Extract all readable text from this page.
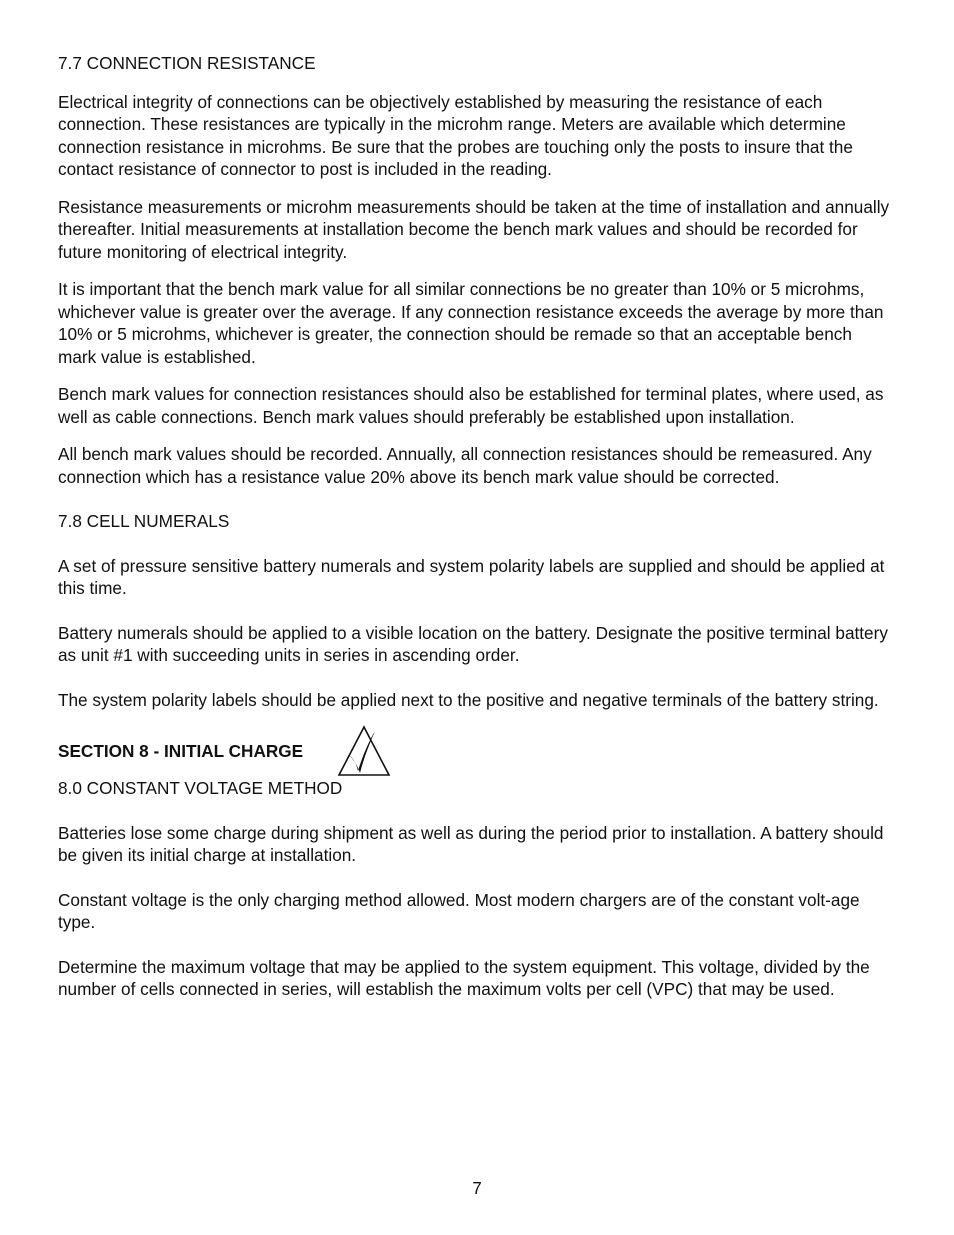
7.7 CONNECTION RESISTANCE

Electrical integrity of connections can be objectively established by measuring the resistance of each connection. These resistances are typically in the microhm range. Meters are available which determine connection resistance in microhms. Be sure that the probes are touching only the posts to insure that the contact resistance of connector to post is included in the reading.

Resistance measurements or microhm measurements should be taken at the time of installation and annually thereafter. Initial measurements at installation become the bench mark values and should be recorded for future monitoring of electrical integrity.

It is important that the bench mark value for all similar connections be no greater than 10% or 5 microhms, whichever value is greater over the average. If any connection resistance exceeds the average by more than 10% or 5 microhms, whichever is greater, the connection should be remade so that an acceptable bench mark value is established.

Bench mark values for connection resistances should also be established for terminal plates, where used, as well as cable connections. Bench mark values should preferably be established upon installation.

All bench mark values should be recorded. Annually, all connection resistances should be remeasured. Any connection which has a resistance value 20% above its bench mark value should be corrected.

7.8 CELL NUMERALS

A set of pressure sensitive battery numerals and system polarity labels are supplied and should be applied at this time.

Battery numerals should be applied to a visible location on the battery. Designate the positive terminal battery as unit #1 with succeeding units in series in ascending order.

The system polarity labels should be applied next to the positive and negative terminals of the battery string.

SECTION 8 - INITIAL CHARGE
8.0 CONSTANT VOLTAGE METHOD

Batteries lose some charge during shipment as well as during the period prior to installation. A battery should be given its initial charge at installation.

Constant voltage is the only charging method allowed. Most modern chargers are of the constant volt-age type.

Determine the maximum voltage that may be applied to the system equipment. This voltage, divided by the number of cells connected in series, will establish the maximum volts per cell (VPC) that may be used.

7
